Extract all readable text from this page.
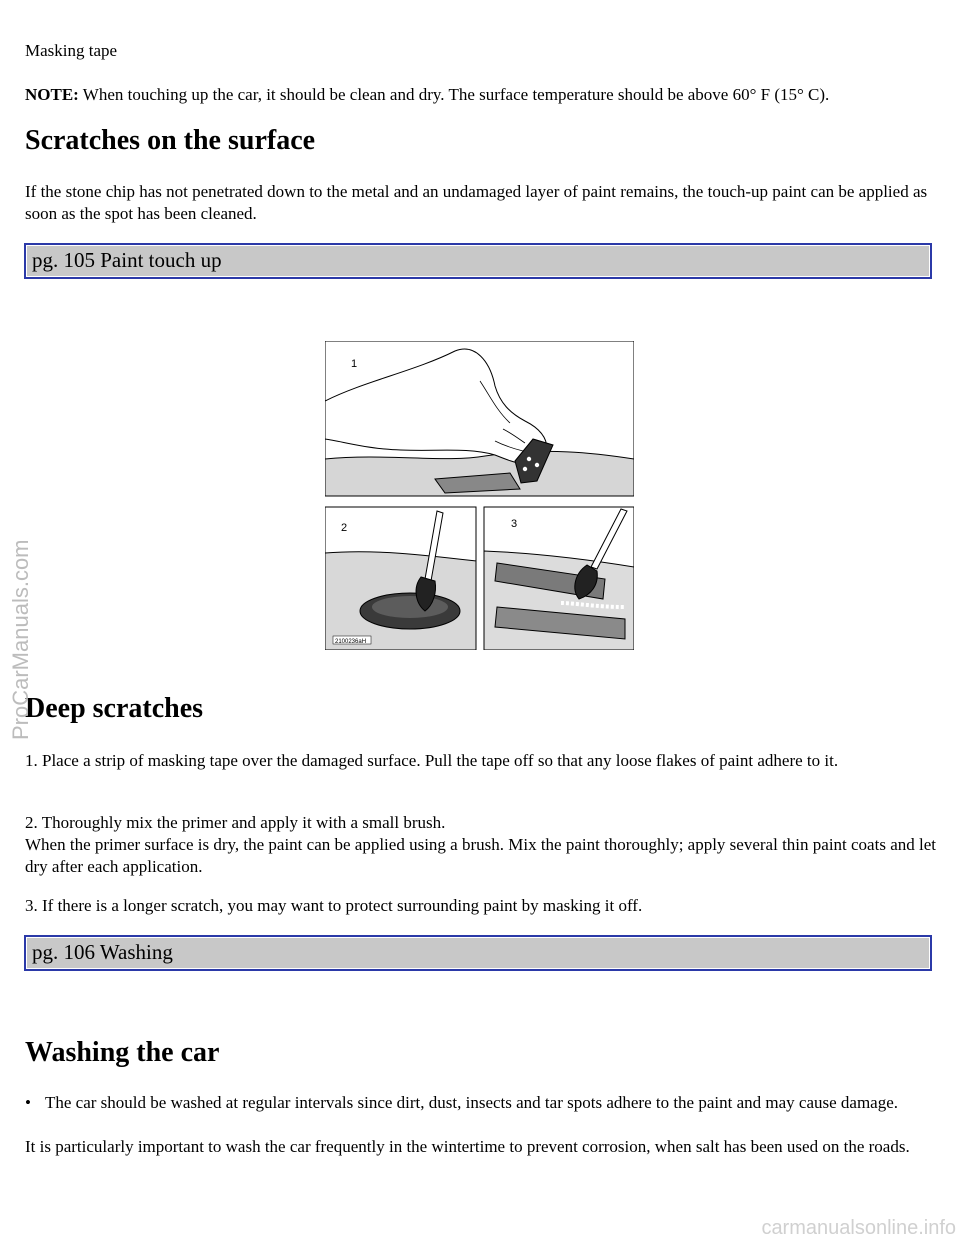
Masking tape

NOTE: When touching up the car, it should be clean and dry. The surface temperature should be above 60° F (15° C).

Scratches on the surface

If the stone chip has not penetrated down to the metal and an undamaged layer of paint remains, the touch-up paint can be applied as soon as the spot has been cleaned.

pg. 105 Paint touch up
1
2100236aH
2	3
Deep scratches

1. Place a strip of masking tape over the damaged surface. Pull the tape off so that any loose flakes of paint adhere to it.

2. Thoroughly mix the primer and apply it with a small brush.

When the primer surface is dry, the paint can be applied using a brush. Mix the paint thoroughly; apply several thin paint coats and let dry after each application.

3. If there is a longer scratch, you may want to protect surrounding paint by masking it off.

pg. 106 Washing
Washing the car
• The car should be washed at regular intervals since dirt, dust, insects and tar spots adhere to the paint and may cause damage.

It is particularly important to wash the car frequently in the wintertime to prevent corrosion, when salt has been used on the roads.

ProCarManuals.com
carmanualsonline.info
